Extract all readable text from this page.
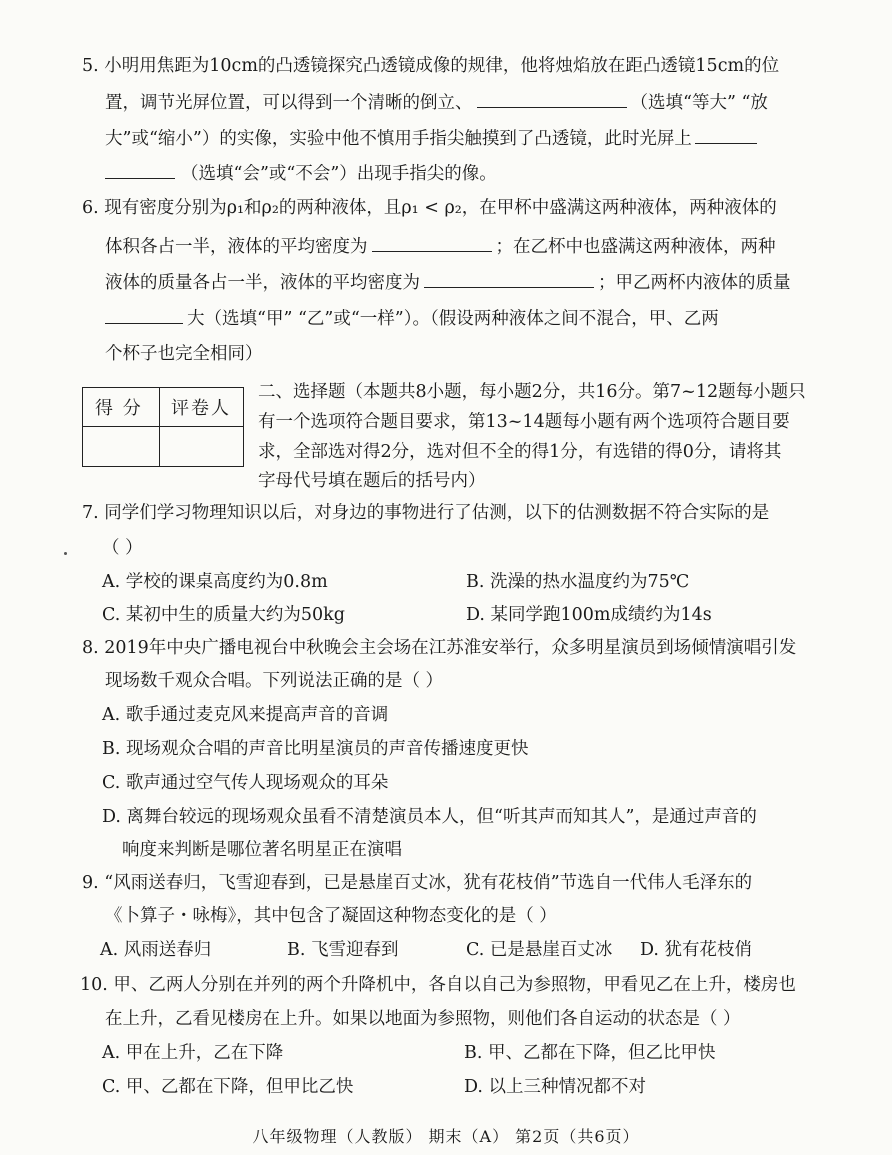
5. 小明用焦距为10cm的凸透镜探究凸透镜成像的规律，他将烛焰放在距凸透镜15cm的位
置，调节光屏位置，可以得到一个清晰的倒立、	（选填“等大” “放
大”或“缩小”）的实像，实验中他不慎用手指尖触摸到了凸透镜，此时光屏上
（选填“会”或“不会”）出现手指尖的像。
6. 现有密度分别为ρ₁和ρ₂的两种液体，且ρ₁ < ρ₂，在甲杯中盛满这两种液体，两种液体的
体积各占一半，液体的平均密度为	；在乙杯中也盛满这两种液体，两种
液体的质量各占一半，液体的平均密度为	；甲乙两杯内液体的质量
大（选填“甲” “乙”或“一样”）。（假设两种液体之间不混合，甲、乙两
个杯子也完全相同）
得 分 评卷人
二、选择题（本题共8小题，每小题2分，共16分。第7~12题每小题只
有一个选项符合题目要求，第13~14题每小题有两个选项符合题目要
求，全部选对得2分，选对但不全的得1分，有选错的得0分，请将其
字母代号填在题后的括号内）
7. 同学们学习物理知识以后，对身边的事物进行了估测，以下的估测数据不符合实际的是
（ ）
A. 学校的课桌高度约为0.8m	B. 洗澡的热水温度约为75℃
C. 某初中生的质量大约为50kg	D. 某同学跑100m成绩约为14s
8. 2019年中央广播电视台中秋晚会主会场在江苏淮安举行，众多明星演员到场倾情演唱引发
现场数千观众合唱。下列说法正确的是（ ）
A. 歌手通过麦克风来提高声音的音调
B. 现场观众合唱的声音比明星演员的声音传播速度更快
C. 歌声通过空气传人现场观众的耳朵
D. 离舞台较远的现场观众虽看不清楚演员本人，但“听其声而知其人”，是通过声音的
响度来判断是哪位著名明星正在演唱
9. “风雨送春归，飞雪迎春到，已是悬崖百丈冰，犹有花枝俏”节选自一代伟人毛泽东的
《卜算子・咏梅》，其中包含了凝固这种物态变化的是（ ）
A. 风雨送春归	B. 飞雪迎春到	C. 已是悬崖百丈冰 D. 犹有花枝俏
10. 甲、乙两人分别在并列的两个升降机中，各自以自己为参照物，甲看见乙在上升，楼房也
在上升，乙看见楼房在上升。如果以地面为参照物，则他们各自运动的状态是（ ）
A. 甲在上升，乙在下降	B. 甲、乙都在下降，但乙比甲快
C. 甲、乙都在下降，但甲比乙快	D. 以上三种情况都不对
八年级物理（人教版） 期末（A） 第2页（共6页）
